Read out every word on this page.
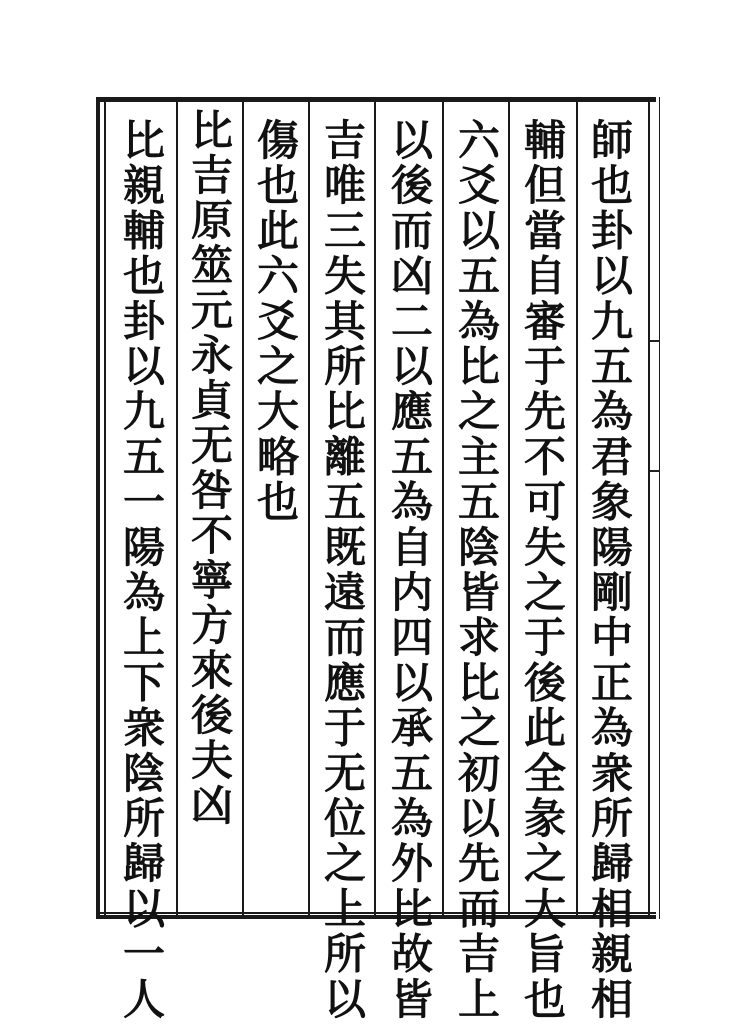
師也卦以九五為君象陽剛中正為衆所歸相親相
輔但當自審于先不可失之于後此全彖之大旨也
六爻以五為比之主五陰皆求比之初以先而吉上
以後而凶二以應五為自内四以承五為外比故皆
吉唯三失其所比離五既遠而應于无位之上所以
傷也此六爻之大略也
比吉原筮元永貞无咎不寧方來後夫凶
比親輔也卦以九五一陽為上下衆陰所歸以一人
